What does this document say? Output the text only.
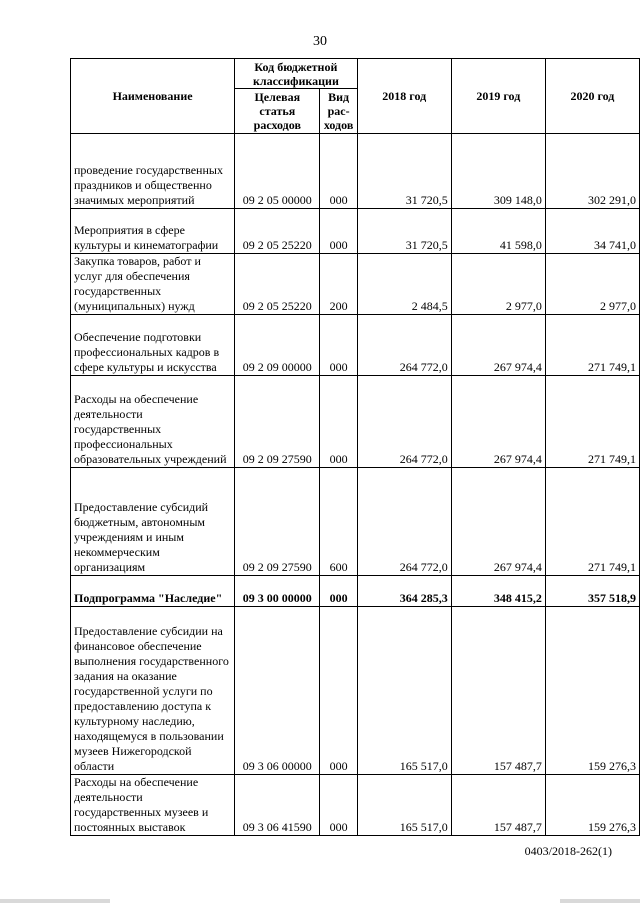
30
Наименование	Код бюджетной классификации		2018 год	2019 год	2020 год
	Целевая статья расходов	Вид рас-ходов			
проведение государственных праздников и общественно значимых мероприятий	09 2 05 00000	000	31 720,5	309 148,0	302 291,0
Мероприятия в сфере культуры и кинематографии	09 2 05 25220	000	31 720,5	41 598,0	34 741,0
Закупка товаров, работ и услуг для обеспечения государственных (муниципальных) нужд	09 2 05 25220	200	2 484,5	2 977,0	2 977,0
Обеспечение подготовки профессиональных кадров в сфере культуры и искусства	09 2 09 00000	000	264 772,0	267 974,4	271 749,1
Расходы на обеспечение деятельности государственных профессиональных образовательных учреждений	09 2 09 27590	000	264 772,0	267 974,4	271 749,1
Предоставление субсидий бюджетным, автономным учреждениям и иным некоммерческим организациям	09 2 09 27590	600	264 772,0	267 974,4	271 749,1
Подпрограмма "Наследие"	09 3 00 00000	000	364 285,3	348 415,2	357 518,9
Предоставление субсидии на финансовое обеспечение выполнения государственного задания на оказание государственной услуги по предоставлению доступа к культурному наследию, находящемуся в пользовании музеев Нижегородской области	09 3 06 00000	000	165 517,0	157 487,7	159 276,3
Расходы на обеспечение деятельности государственных музеев и постоянных выставок	09 3 06 41590	000	165 517,0	157 487,7	159 276,3
0403/2018-262(1)
